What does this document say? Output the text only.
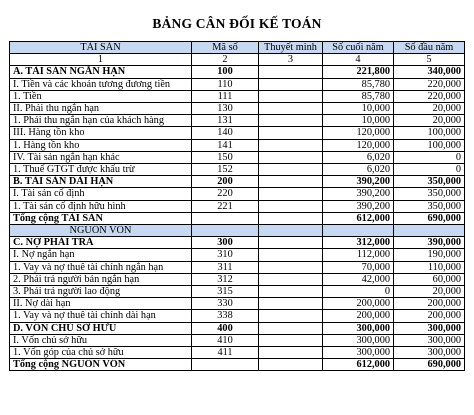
BẢNG CÂN ĐỐI KẾ TOÁN
TÀI SẢN	Mã số	Thuyết minh	Số cuối năm	Số đầu năm
1	2	3	4	5
A. TÀI SẢN NGẮN HẠN	100		221,800	340,000
I. Tiền và các khoản tương đương tiền	110		85,780	220,000
1. Tiền	111		85,780	220,000
II. Phải thu ngắn hạn	130		10,000	20,000
1. Phải thu ngắn hạn của khách hàng	131		10,000	20,000
III. Hàng tồn kho	140		120,000	100,000
1. Hàng tồn kho	141		120,000	100,000
IV. Tài sản ngắn hạn khác	150		6,020	0
1. Thuế GTGT được khấu trừ	152		6,020	0
B. TÀI SẢN DÀI HẠN	200		390,200	350,000
I. Tài sản cố định	220		390,200	350,000
1. Tài sản cố định hữu hình	221		390,200	350,000
Tổng cộng TÀI SẢN			612,000	690,000
NGUỒN VỐN				
C. NỢ PHẢI TRẢ	300		312,000	390,000
I. Nợ ngắn hạn	310		112,000	190,000
1. Vay và nợ thuê tài chính ngắn hạn	311		70,000	110,000
2. Phải trả người bán ngắn hạn	312		42,000	60,000
3. Phải trả người lao động	315		0	20,000
II. Nợ dài hạn	330		200,000	200,000
1. Vay và nợ thuê tài chính dài hạn	338		200,000	200,000
D. VỐN CHỦ SỞ HỮU	400		300,000	300,000
I. Vốn chủ sở hữu	410		300,000	300,000
1. Vốn góp của chủ sở hữu	411		300,000	300,000
Tổng cộng NGUỒN VỐN			612,000	690,000
